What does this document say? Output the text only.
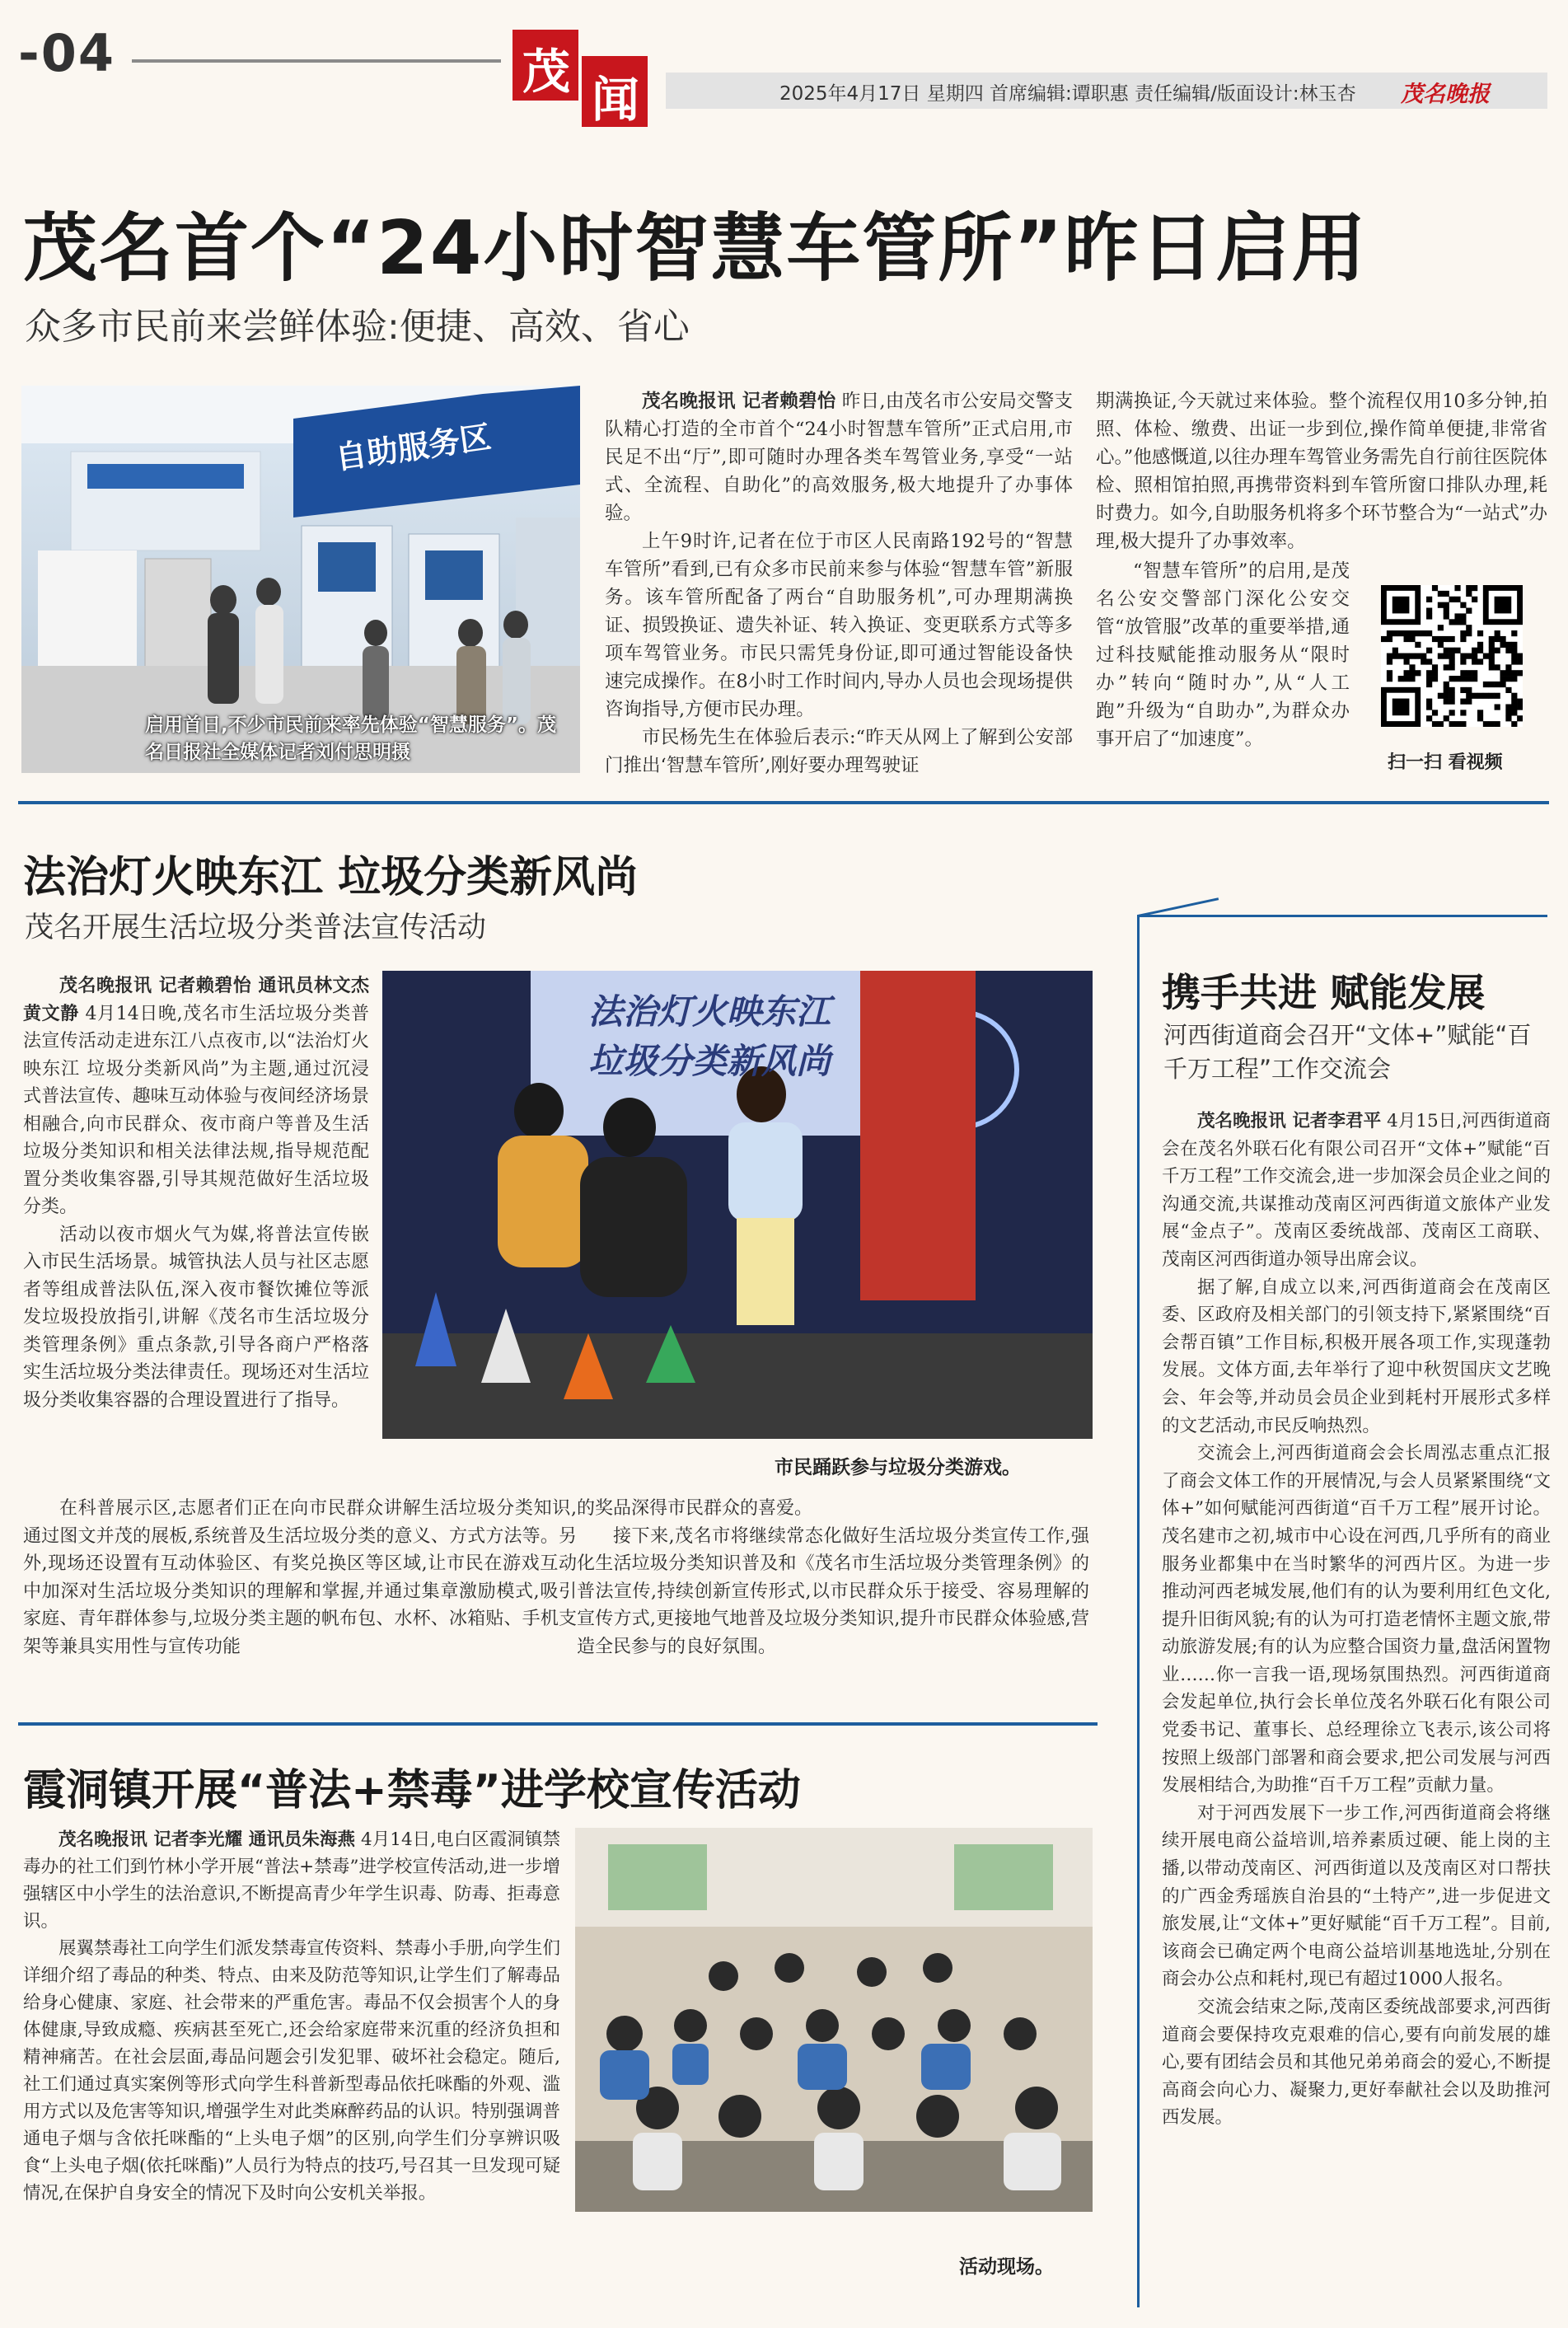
-04	茂 闻	2025年4月17日 星期四 首席编辑:谭职惠 责任编辑/版面设计:林玉杏 茂名晚报
茂名首个“24小时智慧车管所”昨日启用
众多市民前来尝鲜体验:便捷、高效、省心
自助服务区
启用首日,不少市民前来率先体验“智慧服务”。茂名日报社全媒体记者刘付思明摄

茂名晚报讯 记者赖碧怡 昨日,由茂名市公安局交警支队精心打造的全市首个“24小时智慧车管所”正式启用,市民足不出“厅”,即可随时办理各类车驾管业务,享受“一站式、全流程、自助化”的高效服务,极大地提升了办事体验。

上午9时许,记者在位于市区人民南路192号的“智慧车管所”看到,已有众多市民前来参与体验“智慧车管”新服务。该车管所配备了两台“自助服务机”,可办理期满换证、损毁换证、遗失补证、转入换证、变更联系方式等多项车驾管业务。市民只需凭身份证,即可通过智能设备快速完成操作。在8小时工作时间内,导办人员也会现场提供咨询指导,方便市民办理。

市民杨先生在体验后表示:“昨天从网上了解到公安部门推出‘智慧车管所’,刚好要办理驾驶证

期满换证,今天就过来体验。整个流程仅用10多分钟,拍照、体检、缴费、出证一步到位,操作简单便捷,非常省心。”他感慨道,以往办理车驾管业务需先自行前往医院体检、照相馆拍照,再携带资料到车管所窗口排队办理,耗时费力。如今,自助服务机将多个环节整合为“一站式”办理,极大提升了办事效率。

“智慧车管所”的启用,是茂名公安交警部门深化公安交管“放管服”改革的重要举措,通过科技赋能推动服务从“限时办”转向“随时办”,从“人工跑”升级为“自助办”,为群众办事开启了“加速度”。

扫一扫 看视频
法治灯火映东江 垃圾分类新风尚
茂名开展生活垃圾分类普法宣传活动

茂名晚报讯 记者赖碧怡 通讯员林文杰 黄文静 4月14日晚,茂名市生活垃圾分类普法宣传活动走进东江八点夜市,以“法治灯火映东江 垃圾分类新风尚”为主题,通过沉浸式普法宣传、趣味互动体验与夜间经济场景相融合,向市民群众、夜市商户等普及生活垃圾分类知识和相关法律法规,指导规范配置分类收集容器,引导其规范做好生活垃圾分类。

活动以夜市烟火气为媒,将普法宣传嵌入市民生活场景。城管执法人员与社区志愿者等组成普法队伍,深入夜市餐饮摊位等派发垃圾投放指引,讲解《茂名市生活垃圾分类管理条例》重点条款,引导各商户严格落实生活垃圾分类法律责任。现场还对生活垃圾分类收集容器的合理设置进行了指导。

法治灯火映东江 垃圾分类新风尚
市民踊跃参与垃圾分类游戏。

在科普展示区,志愿者们正在向市民群众讲解生活垃圾分类知识,通过图文并茂的展板,系统普及生活垃圾分类的意义、方式方法等。另外,现场还设置有互动体验区、有奖兑换区等区域,让市民在游戏互动中加深对生活垃圾分类知识的理解和掌握,并通过集章激励模式,吸引家庭、青年群体参与,垃圾分类主题的帆布包、水杯、冰箱贴、手机支架等兼具实用性与宣传功能

的奖品深得市民群众的喜爱。

接下来,茂名市将继续常态化做好生活垃圾分类宣传工作,强化生活垃圾分类知识普及和《茂名市生活垃圾分类管理条例》的普法宣传,持续创新宣传形式,以市民群众乐于接受、容易理解的宣传方式,更接地气地普及垃圾分类知识,提升市民群众体验感,营造全民参与的良好氛围。

霞洞镇开展“普法+禁毒”进学校宣传活动

茂名晚报讯 记者李光耀 通讯员朱海燕 4月14日,电白区霞洞镇禁毒办的社工们到竹林小学开展“普法+禁毒”进学校宣传活动,进一步增强辖区中小学生的法治意识,不断提高青少年学生识毒、防毒、拒毒意识。

展翼禁毒社工向学生们派发禁毒宣传资料、禁毒小手册,向学生们详细介绍了毒品的种类、特点、由来及防范等知识,让学生们了解毒品给身心健康、家庭、社会带来的严重危害。毒品不仅会损害个人的身体健康,导致成瘾、疾病甚至死亡,还会给家庭带来沉重的经济负担和精神痛苦。在社会层面,毒品问题会引发犯罪、破坏社会稳定。随后,社工们通过真实案例等形式向学生科普新型毒品依托咪酯的外观、滥用方式以及危害等知识,增强学生对此类麻醉药品的认识。特别强调普通电子烟与含依托咪酯的“上头电子烟”的区别,向学生们分享辨识吸食“上头电子烟(依托咪酯)”人员行为特点的技巧,号召其一旦发现可疑情况,在保护自身安全的情况下及时向公安机关举报。

活动现场。
携手共进 赋能发展
河西街道商会召开“文体+”赋能“百千万工程”工作交流会

茂名晚报讯 记者李君平 4月15日,河西街道商会在茂名外联石化有限公司召开“文体+”赋能“百千万工程”工作交流会,进一步加深会员企业之间的沟通交流,共谋推动茂南区河西街道文旅体产业发展“金点子”。茂南区委统战部、茂南区工商联、茂南区河西街道办领导出席会议。

据了解,自成立以来,河西街道商会在茂南区委、区政府及相关部门的引领支持下,紧紧围绕“百会帮百镇”工作目标,积极开展各项工作,实现蓬勃发展。文体方面,去年举行了迎中秋贺国庆文艺晚会、年会等,并动员会员企业到耗村开展形式多样的文艺活动,市民反响热烈。

交流会上,河西街道商会会长周泓志重点汇报了商会文体工作的开展情况,与会人员紧紧围绕“文体+”如何赋能河西街道“百千万工程”展开讨论。茂名建市之初,城市中心设在河西,几乎所有的商业服务业都集中在当时繁华的河西片区。为进一步推动河西老城发展,他们有的认为要利用红色文化,提升旧街风貌;有的认为可打造老情怀主题文旅,带动旅游发展;有的认为应整合国资力量,盘活闲置物业……你一言我一语,现场氛围热烈。河西街道商会发起单位,执行会长单位茂名外联石化有限公司党委书记、董事长、总经理徐立飞表示,该公司将按照上级部门部署和商会要求,把公司发展与河西发展相结合,为助推“百千万工程”贡献力量。

对于河西发展下一步工作,河西街道商会将继续开展电商公益培训,培养素质过硬、能上岗的主播,以带动茂南区、河西街道以及茂南区对口帮扶的广西金秀瑶族自治县的“土特产”,进一步促进文旅发展,让“文体+”更好赋能“百千万工程”。目前,该商会已确定两个电商公益培训基地选址,分别在商会办公点和耗村,现已有超过1000人报名。

交流会结束之际,茂南区委统战部要求,河西街道商会要保持攻克艰难的信心,要有向前发展的雄心,要有团结会员和其他兄弟弟商会的爱心,不断提高商会向心力、凝聚力,更好奉献社会以及助推河西发展。
